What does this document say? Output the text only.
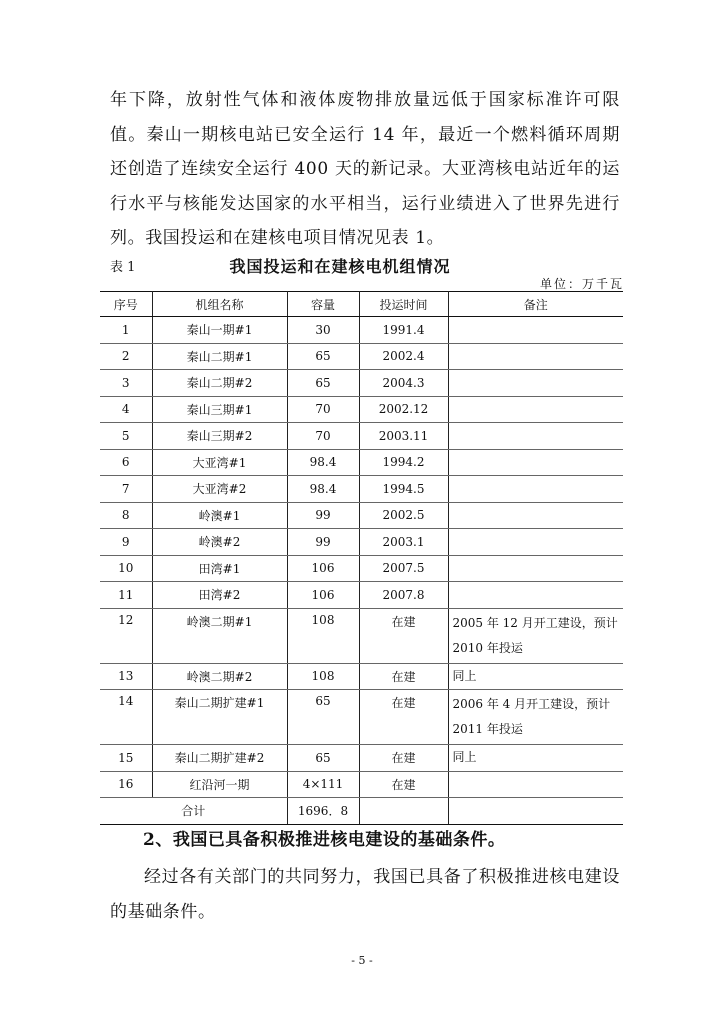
年下降，放射性气体和液体废物排放量远低于国家标准许可限值。秦山一期核电站已安全运行 14 年，最近一个燃料循环周期还创造了连续安全运行 400 天的新记录。大亚湾核电站近年的运行水平与核能发达国家的水平相当，运行业绩进入了世界先进行列。我国投运和在建核电项目情况见表 1。

表 1	我国投运和在建核电机组情况
单位：万千瓦
序号	机组名称	容量	投运时间	备注
1	秦山一期#1	30	1991.4	
2	秦山二期#1	65	2002.4	
3	秦山二期#2	65	2004.3	
4	秦山三期#1	70	2002.12	
5	秦山三期#2	70	2003.11	
6	大亚湾#1	98.4	1994.2	
7	大亚湾#2	98.4	1994.5	
8	岭澳#1	99	2002.5	
9	岭澳#2	99	2003.1	
10	田湾#1	106	2007.5	
11	田湾#2	106	2007.8	
12	岭澳二期#1	108	在建	2005 年 12 月开工建设，预计 2010 年投运
13	岭澳二期#2	108	在建	同上
14	秦山二期扩建#1	65	在建	2006 年 4 月开工建设，预计 2011 年投运
15	秦山二期扩建#2	65	在建	同上
16	红沿河一期	4×111	在建	
合计		1696．8		
2、我国已具备积极推进核电建设的基础条件。

经过各有关部门的共同努力，我国已具备了积极推进核电建设的基础条件。

- 5 -
